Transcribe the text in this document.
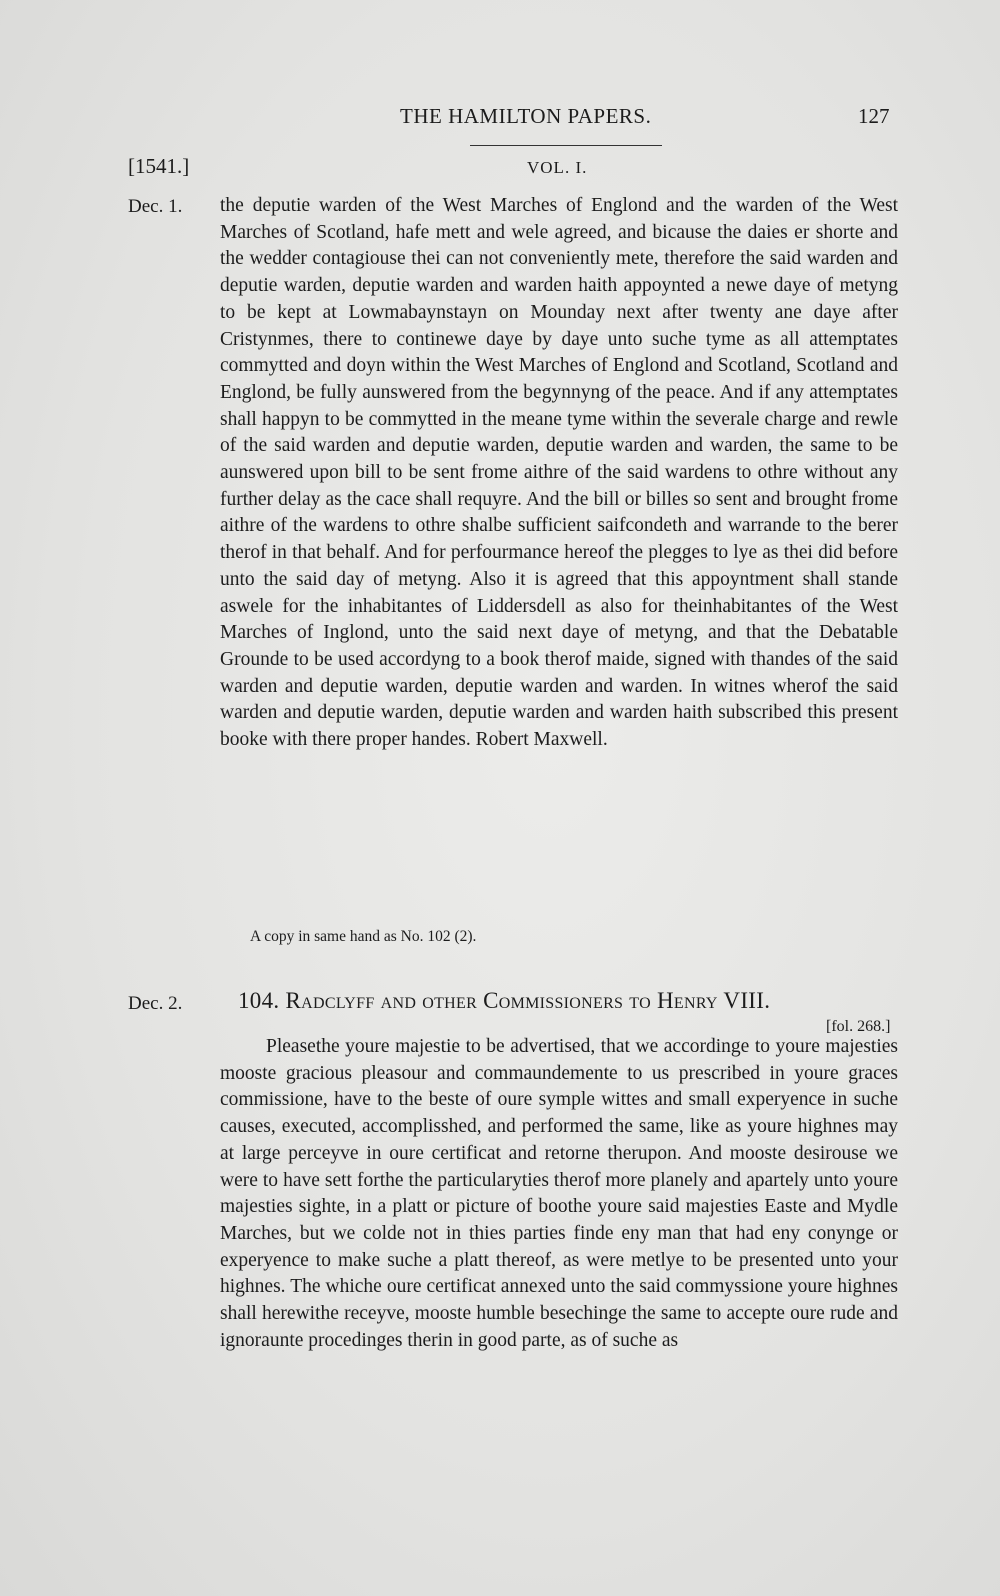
THE HAMILTON PAPERS.	127
[1541.]	VOL. I.
Dec. 1. the deputie warden of the West Marches of Englond and the warden of the West Marches of Scotland, hafe mett and wele agreed, and bicause the daies er shorte and the wedder contagiouse thei can not conveniently mete, therefore the said warden and deputie warden, deputie warden and warden haith appoynted a newe daye of metyng to be kept at Lowmabaynstayn on Mounday next after twenty ane daye after Cristynmes, there to continewe daye by daye unto suche tyme as all attemptates commytted and doyn within the West Marches of Englond and Scotland, Scotland and Englond, be fully aunswered from the begynnyng of the peace. And if any attemptates shall happyn to be commytted in the meane tyme within the severale charge and rewle of the said warden and deputie warden, deputie warden and warden, the same to be aunswered upon bill to be sent frome aithre of the said wardens to othre without any further delay as the cace shall requyre. And the bill or billes so sent and brought frome aithre of the wardens to othre shalbe sufficient saifcondeth and warrande to the berer therof in that behalf. And for perfourmance hereof the plegges to lye as thei did before unto the said day of metyng. Also it is agreed that this appoyntment shall stande aswele for the inhabitantes of Liddersdell as also for theinhabitantes of the West Marches of Inglond, unto the said next daye of metyng, and that the Debatable Grounde to be used accordyng to a book therof maide, signed with thandes of the said warden and deputie warden, deputie warden and warden. In witnes wherof the said warden and deputie warden, deputie warden and warden haith subscribed this present booke with there proper handes. Robert Maxwell.
A copy in same hand as No. 102 (2).
Dec. 2. 104. Radclyff and other Commissioners to Henry VIII.
[fol. 268.]
Pleasethe youre majestie to be advertised, that we accordinge to youre majesties mooste gracious pleasour and commaundemente to us prescribed in youre graces commissione, have to the beste of oure symple wittes and small experyence in suche causes, executed, accomplisshed, and performed the same, like as youre highnes may at large perceyve in oure certificat and retorne therupon. And mooste desirouse we were to have sett forthe the particularyties therof more planely and apartely unto youre majesties sighte, in a platt or picture of boothe youre said majesties Easte and Mydle Marches, but we colde not in thies parties finde eny man that had eny conynge or experyence to make suche a platt thereof, as were metlye to be presented unto your highnes. The whiche oure certificat annexed unto the said commyssione youre highnes shall herewithe receyve, mooste humble besechinge the same to accepte oure rude and ignoraunte procedinges therin in good parte, as of suche as
